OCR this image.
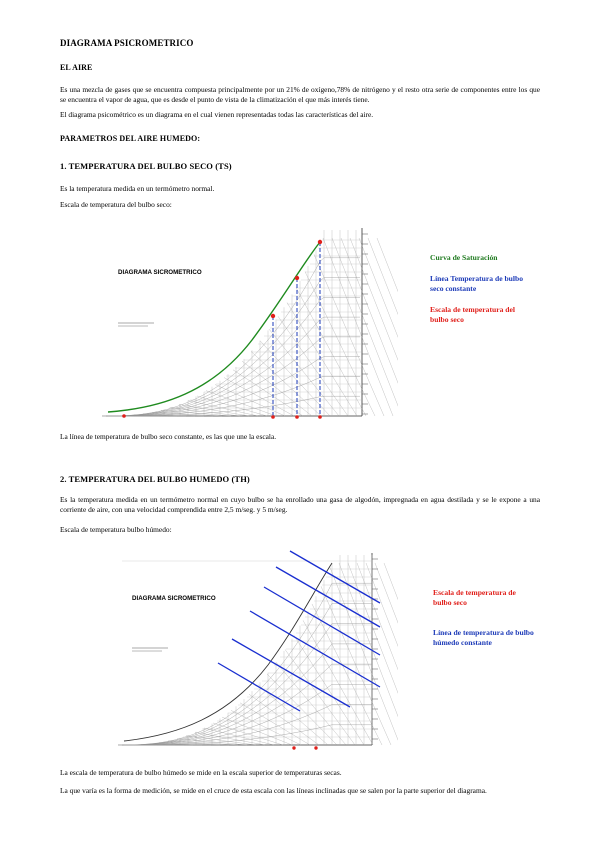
DIAGRAMA PSICROMETRICO
EL AIRE
Es una mezcla de gases que se encuentra compuesta principalmente por un 21% de oxígeno,78% de nitrógeno y el resto otra serie de componentes entre los que se encuentra el vapor de agua, que es desde el punto de vista de la climatización el que más interés tiene.
El diagrama psicométrico es un diagrama en el cual vienen representadas todas las características del aire.
PARAMETROS DEL AIRE HUMEDO:
1. TEMPERATURA DEL BULBO SECO (TS)
Es la temperatura medida en un termómetro normal.
Escala de temperatura del bulbo seco:
DIAGRAMA SICROMETRICO
Curva de Saturación
Línea Temperatura de bulbo seco constante
Escala de temperatura del bulbo seco
La línea de temperatura de bulbo seco constante, es las que une la escala.
2. TEMPERATURA DEL BULBO HUMEDO (TH)
Es la temperatura medida en un termómetro normal en cuyo bulbo se ha enrollado una gasa de algodón, impregnada en agua destilada y se le expone a una corriente de aire, con una velocidad comprendida entre 2,5 m/seg. y 5 m/seg.
Escala de temperatura bulbo húmedo:
DIAGRAMA SICROMETRICO
Escala de temperatura de bulbo seco
Línea de temperatura de bulbo húmedo constante
La escala de temperatura de bulbo húmedo se mide en la escala superior de temperaturas secas.
La que varía es la forma de medición, se mide en el cruce de esta escala con las líneas inclinadas que se salen por la parte superior del diagrama.
